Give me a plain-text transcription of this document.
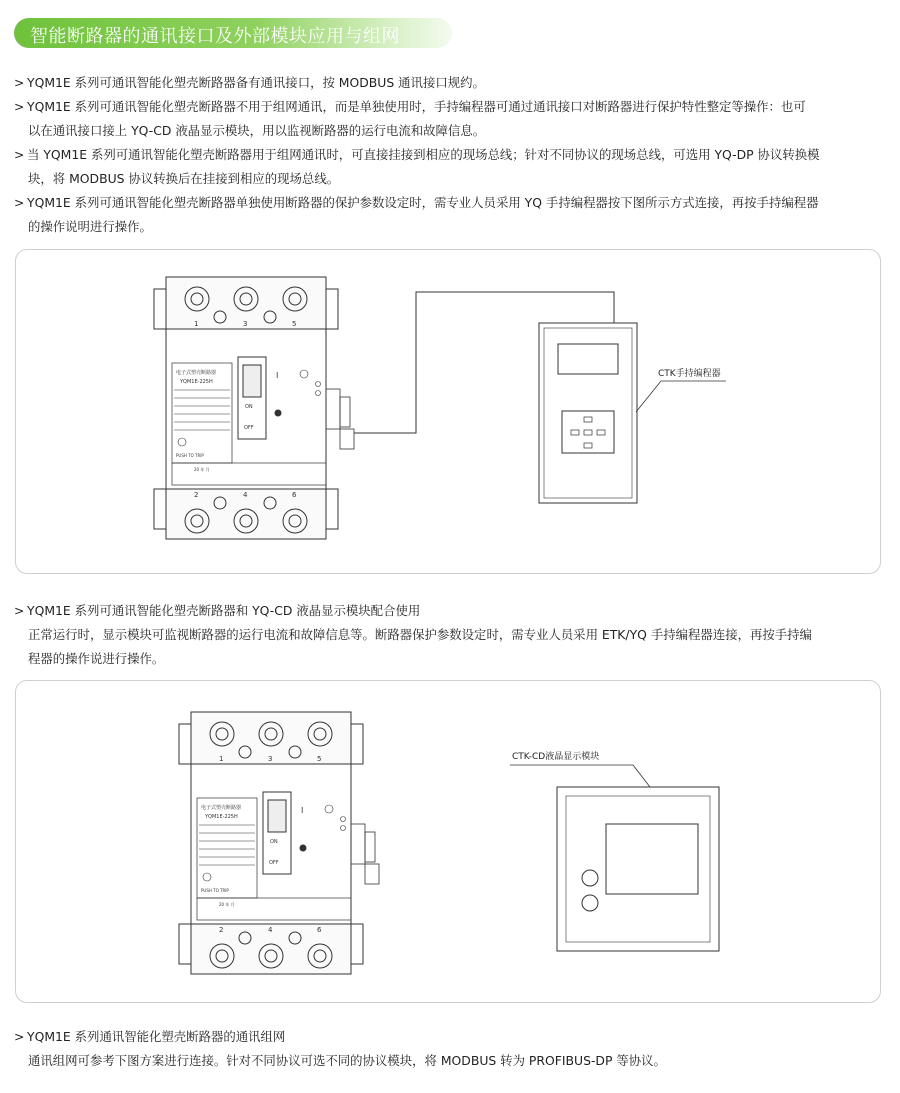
智能断路器的通讯接口及外部模块应用与组网
> YQM1E 系列可通讯智能化塑壳断路器备有通讯接口，按 MODBUS 通讯接口规约。
> YQM1E 系列可通讯智能化塑壳断路器不用于组网通讯，而是单独使用时，手持编程器可通过通讯接口对断路器进行保护特性整定等操作：也可
以在通讯接口接上 YQ-CD 液晶显示模块，用以监视断路器的运行电流和故障信息。
> 当 YQM1E 系列可通讯智能化塑壳断路器用于组网通讯时，可直接挂接到相应的现场总线；针对不同协议的现场总线，可选用 YQ-DP 协议转换模
块，将 MODBUS 协议转换后在挂接到相应的现场总线。
> YQM1E 系列可通讯智能化塑壳断路器单独使用断路器的保护参数设定时，需专业人员采用 YQ 手持编程器按下图所示方式连接，再按手持编程器
的操作说明进行操作。
1	3	5
电子式塑壳断路器
YQM1E-225H
PUSH TO TRIP
ON
OFF
I
20 年 月
2	4	6
CTK手持编程器
> YQM1E 系列可通讯智能化塑壳断路器和 YQ-CD 液晶显示模块配合使用
正常运行时，显示模块可监视断路器的运行电流和故障信息等。断路器保护参数设定时，需专业人员采用 ETK/YQ 手持编程器连接，再按手持编
程器的操作说进行操作。
1	3	5
电子式塑壳断路器
YQM1E-225H
PUSH TO TRIP
ON
OFF
I
20 年 月
2	4	6
CTK-CD液晶显示模块
> YQM1E 系列通讯智能化塑壳断路器的通讯组网
通讯组网可参考下图方案进行连接。针对不同协议可选不同的协议模块，将 MODBUS 转为 PROFIBUS-DP 等协议。
